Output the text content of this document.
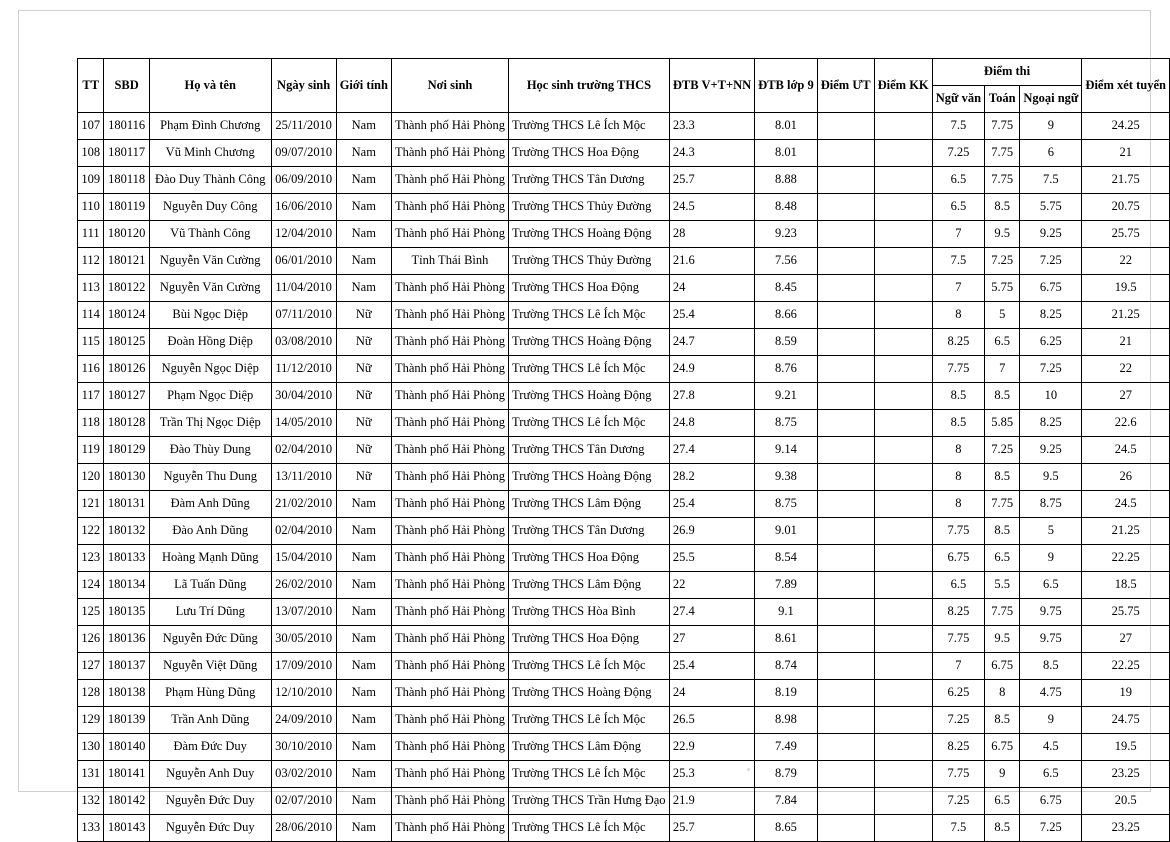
TT	SBD	Họ và tên	Ngày sinh	Giới tính	Nơi sinh	Học sinh trường THCS	ĐTB V+T+NN	ĐTB lớp 9	Điểm ƯT	Điểm KK	Điểm thi			Điểm xét tuyển
											Ngữ văn	Toán	Ngoại ngữ	
107	180116	Phạm Đình Chương	25/11/2010	Nam	Thành phố Hải Phòng	Trường THCS Lê Ích Mộc	23.3	8.01			7.5	7.75	9	24.25
108	180117	Vũ Minh Chương	09/07/2010	Nam	Thành phố Hải Phòng	Trường THCS Hoa Động	24.3	8.01			7.25	7.75	6	21
109	180118	Đào Duy Thành Công	06/09/2010	Nam	Thành phố Hải Phòng	Trường THCS Tân Dương	25.7	8.88			6.5	7.75	7.5	21.75
110	180119	Nguyễn Duy Công	16/06/2010	Nam	Thành phố Hải Phòng	Trường THCS Thủy Đường	24.5	8.48			6.5	8.5	5.75	20.75
111	180120	Vũ Thành Công	12/04/2010	Nam	Thành phố Hải Phòng	Trường THCS Hoàng Động	28	9.23			7	9.5	9.25	25.75
112	180121	Nguyễn Văn Cường	06/01/2010	Nam	Tỉnh Thái Bình	Trường THCS Thủy Đường	21.6	7.56			7.5	7.25	7.25	22
113	180122	Nguyễn Văn Cường	11/04/2010	Nam	Thành phố Hải Phòng	Trường THCS Hoa Động	24	8.45			7	5.75	6.75	19.5
114	180124	Bùi Ngọc Diệp	07/11/2010	Nữ	Thành phố Hải Phòng	Trường THCS Lê Ích Mộc	25.4	8.66			8	5	8.25	21.25
115	180125	Đoàn Hồng Diệp	03/08/2010	Nữ	Thành phố Hải Phòng	Trường THCS Hoàng Động	24.7	8.59			8.25	6.5	6.25	21
116	180126	Nguyễn Ngọc Diệp	11/12/2010	Nữ	Thành phố Hải Phòng	Trường THCS Lê Ích Mộc	24.9	8.76			7.75	7	7.25	22
117	180127	Phạm Ngọc Diệp	30/04/2010	Nữ	Thành phố Hải Phòng	Trường THCS Hoàng Động	27.8	9.21			8.5	8.5	10	27
118	180128	Trần Thị Ngọc Diệp	14/05/2010	Nữ	Thành phố Hải Phòng	Trường THCS Lê Ích Mộc	24.8	8.75			8.5	5.85	8.25	22.6
119	180129	Đào Thùy Dung	02/04/2010	Nữ	Thành phố Hải Phòng	Trường THCS Tân Dương	27.4	9.14			8	7.25	9.25	24.5
120	180130	Nguyễn Thu Dung	13/11/2010	Nữ	Thành phố Hải Phòng	Trường THCS Hoàng Động	28.2	9.38			8	8.5	9.5	26
121	180131	Đàm Anh Dũng	21/02/2010	Nam	Thành phố Hải Phòng	Trường THCS Lâm Động	25.4	8.75			8	7.75	8.75	24.5
122	180132	Đào Anh Dũng	02/04/2010	Nam	Thành phố Hải Phòng	Trường THCS Tân Dương	26.9	9.01			7.75	8.5	5	21.25
123	180133	Hoàng Mạnh Dũng	15/04/2010	Nam	Thành phố Hải Phòng	Trường THCS Hoa Động	25.5	8.54			6.75	6.5	9	22.25
124	180134	Lã Tuấn Dũng	26/02/2010	Nam	Thành phố Hải Phòng	Trường THCS Lâm Động	22	7.89			6.5	5.5	6.5	18.5
125	180135	Lưu Trí Dũng	13/07/2010	Nam	Thành phố Hải Phòng	Trường THCS Hòa Bình	27.4	9.1			8.25	7.75	9.75	25.75
126	180136	Nguyễn Đức Dũng	30/05/2010	Nam	Thành phố Hải Phòng	Trường THCS Hoa Động	27	8.61			7.75	9.5	9.75	27
127	180137	Nguyễn Việt Dũng	17/09/2010	Nam	Thành phố Hải Phòng	Trường THCS Lê Ích Mộc	25.4	8.74			7	6.75	8.5	22.25
128	180138	Phạm Hùng Dũng	12/10/2010	Nam	Thành phố Hải Phòng	Trường THCS Hoàng Động	24	8.19			6.25	8	4.75	19
129	180139	Trần Anh Dũng	24/09/2010	Nam	Thành phố Hải Phòng	Trường THCS Lê Ích Mộc	26.5	8.98			7.25	8.5	9	24.75
130	180140	Đàm Đức Duy	30/10/2010	Nam	Thành phố Hải Phòng	Trường THCS Lâm Động	22.9	7.49			8.25	6.75	4.5	19.5
131	180141	Nguyễn Anh Duy	03/02/2010	Nam	Thành phố Hải Phòng	Trường THCS Lê Ích Mộc	25.3	8.79			7.75	9	6.5	23.25
132	180142	Nguyễn Đức Duy	02/07/2010	Nam	Thành phố Hải Phòng	Trường THCS Trần Hưng Đạo	21.9	7.84			7.25	6.5	6.75	20.5
133	180143	Nguyễn Đức Duy	28/06/2010	Nam	Thành phố Hải Phòng	Trường THCS Lê Ích Mộc	25.7	8.65			7.5	8.5	7.25	23.25
